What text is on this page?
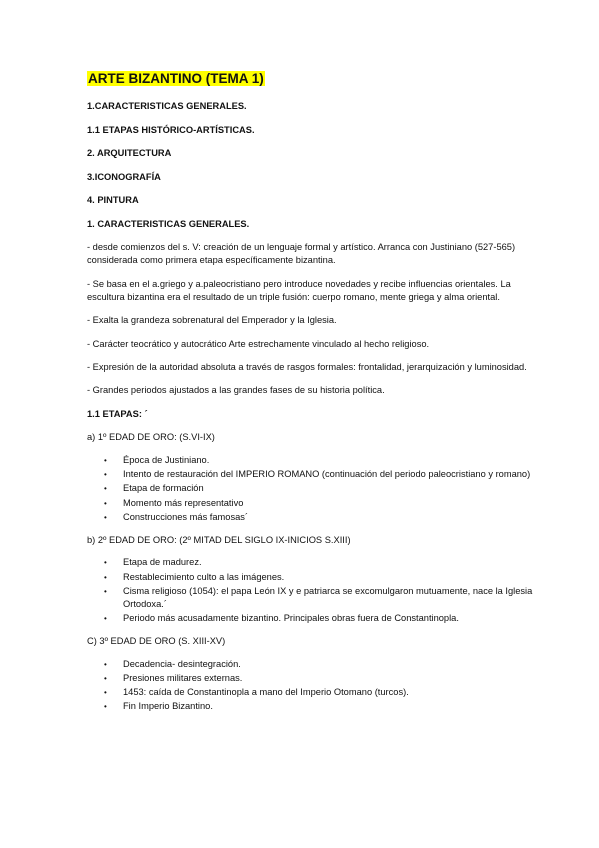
ARTE BIZANTINO (TEMA 1)
1.CARACTERISTICAS GENERALES.
1.1 ETAPAS HISTÓRICO-ARTÍSTICAS.
2. ARQUITECTURA
3.ICONOGRAFÍA
4. PINTURA
1. CARACTERISTICAS GENERALES.

- desde comienzos del s. V: creación de un lenguaje formal y artístico. Arranca con Justiniano (527-565) considerada como primera etapa específicamente bizantina.

- Se basa en el a.griego y a.paleocristiano pero introduce novedades y recibe influencias orientales. La escultura bizantina era el resultado de un triple fusión: cuerpo romano, mente griega y alma oriental.

- Exalta la grandeza sobrenatural del Emperador y la Iglesia.

- Carácter teocrático y autocrático Arte estrechamente vinculado al hecho religioso.

- Expresión de la autoridad absoluta a través de rasgos formales: frontalidad, jerarquización y luminosidad.

- Grandes periodos ajustados a las grandes fases de su historia política.

1.1 ETAPAS: ´
a) 1º EDAD DE ORO: (S.VI-IX)
• Época de Justiniano.
• Intento de restauración del IMPERIO ROMANO (continuación del periodo paleocristiano y romano)
• Etapa de formación
• Momento más representativo
• Construcciones más famosas´
b) 2º EDAD DE ORO: (2º MITAD DEL SIGLO IX-INICIOS S.XIII)
• Etapa de madurez.
• Restablecimiento culto a las imágenes.
• Cisma religioso (1054): el papa León IX y e patriarca se excomulgaron mutuamente, nace la Iglesia Ortodoxa.´
• Periodo más acusadamente bizantino. Principales obras fuera de Constantinopla.
C) 3º EDAD DE ORO (S. XIII-XV)
• Decadencia- desintegración.
• Presiones militares externas.
• 1453: caída de Constantinopla a mano del Imperio Otomano (turcos).
• Fin Imperio Bizantino.
